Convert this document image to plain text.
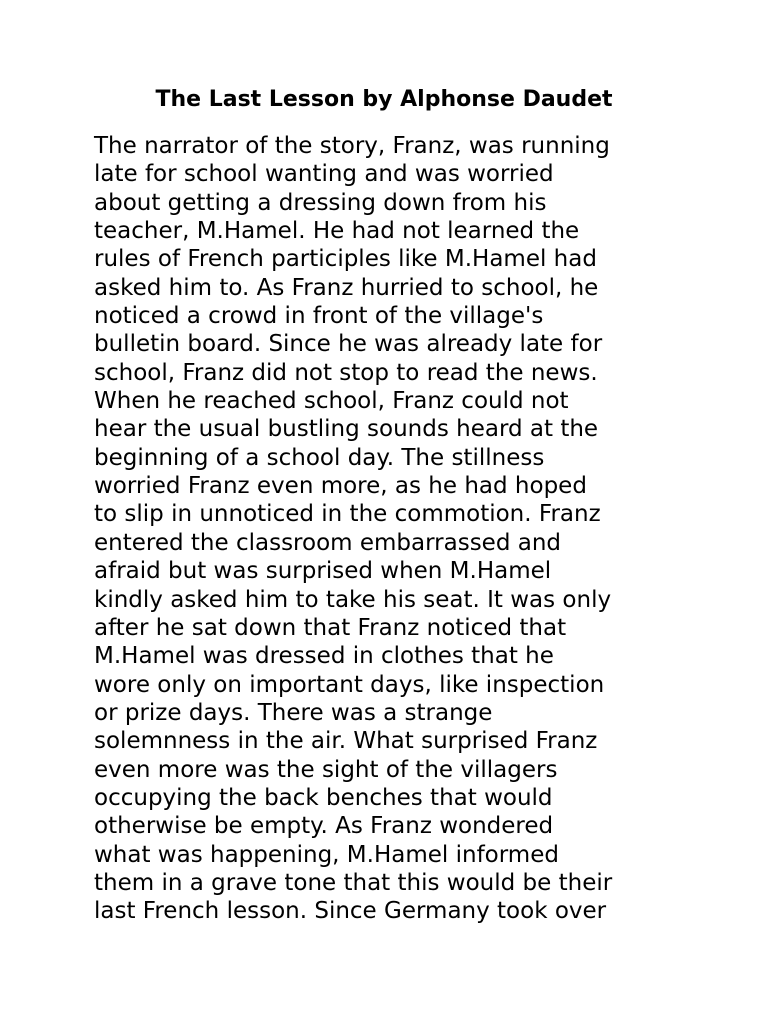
The Last Lesson by Alphonse Daudet
The narrator of the story, Franz, was running
late for school wanting and was worried
about getting a dressing down from his
teacher, M.Hamel. He had not learned the
rules of French participles like M.Hamel had
asked him to. As Franz hurried to school, he
noticed a crowd in front of the village's
bulletin board. Since he was already late for
school, Franz did not stop to read the news.
When he reached school, Franz could not
hear the usual bustling sounds heard at the
beginning of a school day. The stillness
worried Franz even more, as he had hoped
to slip in unnoticed in the commotion. Franz
entered the classroom embarrassed and
afraid but was surprised when M.Hamel
kindly asked him to take his seat. It was only
after he sat down that Franz noticed that
M.Hamel was dressed in clothes that he
wore only on important days, like inspection
or prize days. There was a strange
solemnness in the air. What surprised Franz
even more was the sight of the villagers
occupying the back benches that would
otherwise be empty. As Franz wondered
what was happening, M.Hamel informed
them in a grave tone that this would be their
last French lesson. Since Germany took over
